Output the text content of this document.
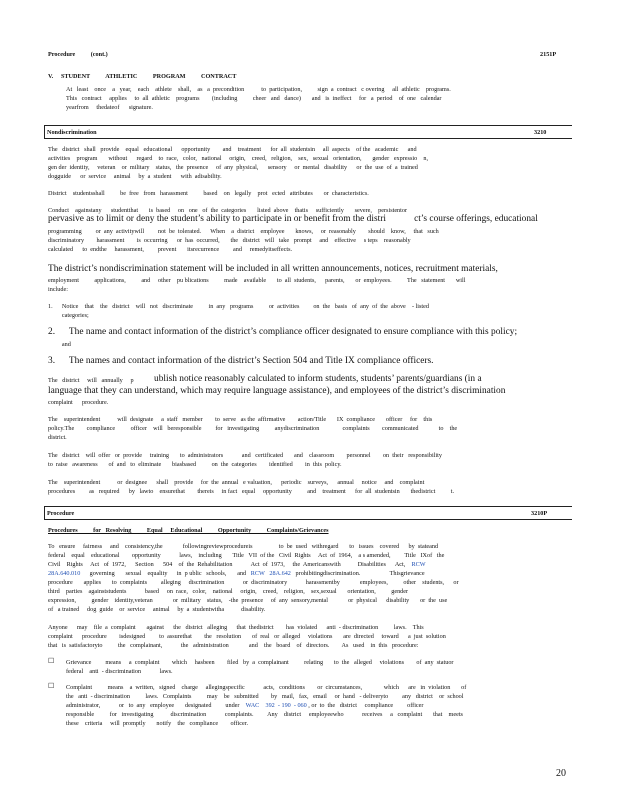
Procedure          (cont.)	2151P
V.     STUDENT          ATHLETIC          PROGRAM          CONTRACT
At   least    once    a   year,    each    athlete    shall,    as   a  precondition           to  participation,          sign  a  contract   c overing     all  athletic    programs.
This   contract     applies     to  all  athletic    programs        (including          cheer   and   dance)       and   is  ineffect     for   a  period    of  one   calendar
yearfrom     thedateof      signature.
Nondiscrimination	3210
The   district   shall   provide    equal   educational      opportunity        and    treatment      for  all  studentsin     all  aspects    of the   academic      and
activities    program       without      regard    to  race,   color,   national     origin,    creed,   religion,    sex,   sexual   orientation,       gender   expressio    n,
gen der  identity,     veteran    or  military    status,   the  presence     of  any  physical,      sensory     or  mental   disability      or  the  use  of  a  trained
dogguide      or  service     animal     by  a  student      with  adisability.
District    studentsshall          be  free   from   harassment          based    on   legally    prot   ected   attributes       or  characteristics.
Conduct    againstany      studentthat       is  based     on   one   of  the  categories       listed  above    thatis     sufficiently       severe,    persistentor
pervasive as to limit or deny the student’s ability to participate in or benefit from the distri            ct’s course offerings, educational
programming         or  any  activitywill         not  be  tolerated.      When    a  district    employee       knows,     or  reasonably        should    know,     that   such
discriminatory        harassment        is  occurring      or  has  occurred,       the   district   will   take   prompt     and    effective     s teps    reasonably
calculated      to  endthe     harassment,         prevent       itsrecurrence         and     remedyitseffects.
The district’s nondiscrimination statement will be included in all written announcements, notices, recruitment materials,
employment          applications,          and     other    pu blications          made    available       to  all  students,      parents,       or  employees.          The   statement       will
include:
1.      Notice    that    the   district    will   not   discriminate          in  any   programs          or  activities         on  the   basis   of  any  of  the  above    - listed
categories;
2.      The name and contact information of the district’s compliance officer designated to ensure compliance with this policy;
and
3.      The names and contact information of the district’s Section 504 and Title IX compliance officers.
The   district     will   annually     p ublish notice reasonably calculated to inform students, students’ parents/guardians (in a
language that they can understand, which may require language assistance), and employees of the district’s discrimination
complaint      procedure.
The    superintendent           will  designate     a  staff   member        to  serve   as the  affirmative        action/Title       IX  compliance       officer     for    this
policy.The        compliance          officer    will   beresponsible         for   investigating          anydiscrimination               complaints        communicated             to    the
district.
The   district    will  offer   or  provide     training       to  administrators            and   certificated       and    classroom        personnel        on  their   responsibility
to  raise   awareness       of  and   to  eliminate       biasbased          on  the  categories        identified        in  this  policy.
The    superintendent           or  designee      shall    provide     for  the  annual   e valuation,      periodic    surveys,      annual     notice     and    complaint
procedures         as   required      by   lawto    ensurethat        thereis     in fact   equal     opportunity          and    treatment      for  all  studentsin       thedistrict          t.
Procedure	3210P
Procedures          for   Resolving          Equal     Educational          Opportunity          Complaints/Grievances
To   ensure     fairness     and    consistency,the             followingreviewprocedureis                 to  be  used   withregard       to   issues    covered      by  stateand
federal    equal    educational        opportunity            laws,    including       Title   VII  of the   Civil  Rights     Act  of  1964,    a s amended,         Title   IXof   the
Civil    Rights     Act   of  1972,      Section      504    of  the  Rehabilitation            Act  of  1973,     the  Americanswith           Disabilities      Act,    RCW
28A.640.010      governing       sexual    equality      in  p ublic   schools,       and   RCW   28A.642   prohibitingdiscrimination.                   Thisgrievance
procedure       applies       to  complaints         alleging     discrimination            or  discriminatory            harassmentby             employees,          other    students,      or
third    parties    againststudents            based     on  race,   color,    national     origin,    creed,    religion,    sex,sexual       orientation,          gender
expression,          gender    identity,veteran             or  military    status,    -the  presence     of  any  sensory,mental             or  physical      disability       or  the  use
of   a trained     dog  guide    or  service     animal     by  a  studentwitha           disability.
Anyone      may    file  a  complaint       against      the   district   alleging      that  thedistrict        has  violated      anti  - discrimination          laws.    This
complaint      procedure        isdesigned         to  assurethat        the   resolution       of  real   or  alleged     violations       are  directed     toward      a  just  solution
that   is  satisfactoryto          the   complainant,            the   administration             and    the   board    of   directors.        As   used    in  this   procedure:
☐ Grievance         means     a  complaint        which     hasbeen        filed   by  a  complainant          relating       to  the   alleged     violations        of  any  statuor
federal    anti  - discrimination            laws.
☐ Complaint          means    a  written,   signed    charge     allegingspecific            acts,   conditions        or  circumstances,              which      are   in  violation       of
the   anti  - discrimination          laws.   Complaints          may    be   submitted        by   mail,   fax,   email     or  hand   - deliveryto         any   district    or  school
administrator,            or   to  any   employee       designated         under    WAC    392  - 190  - 060 , or  to  the   district     compliance         officer
responsible          for   investigating           discrimination            complaints.         Any    district     employeewho            receives     a   complaint       that    meets
these    criteria     will  promptly       notify    the   compliance        officer.
20
